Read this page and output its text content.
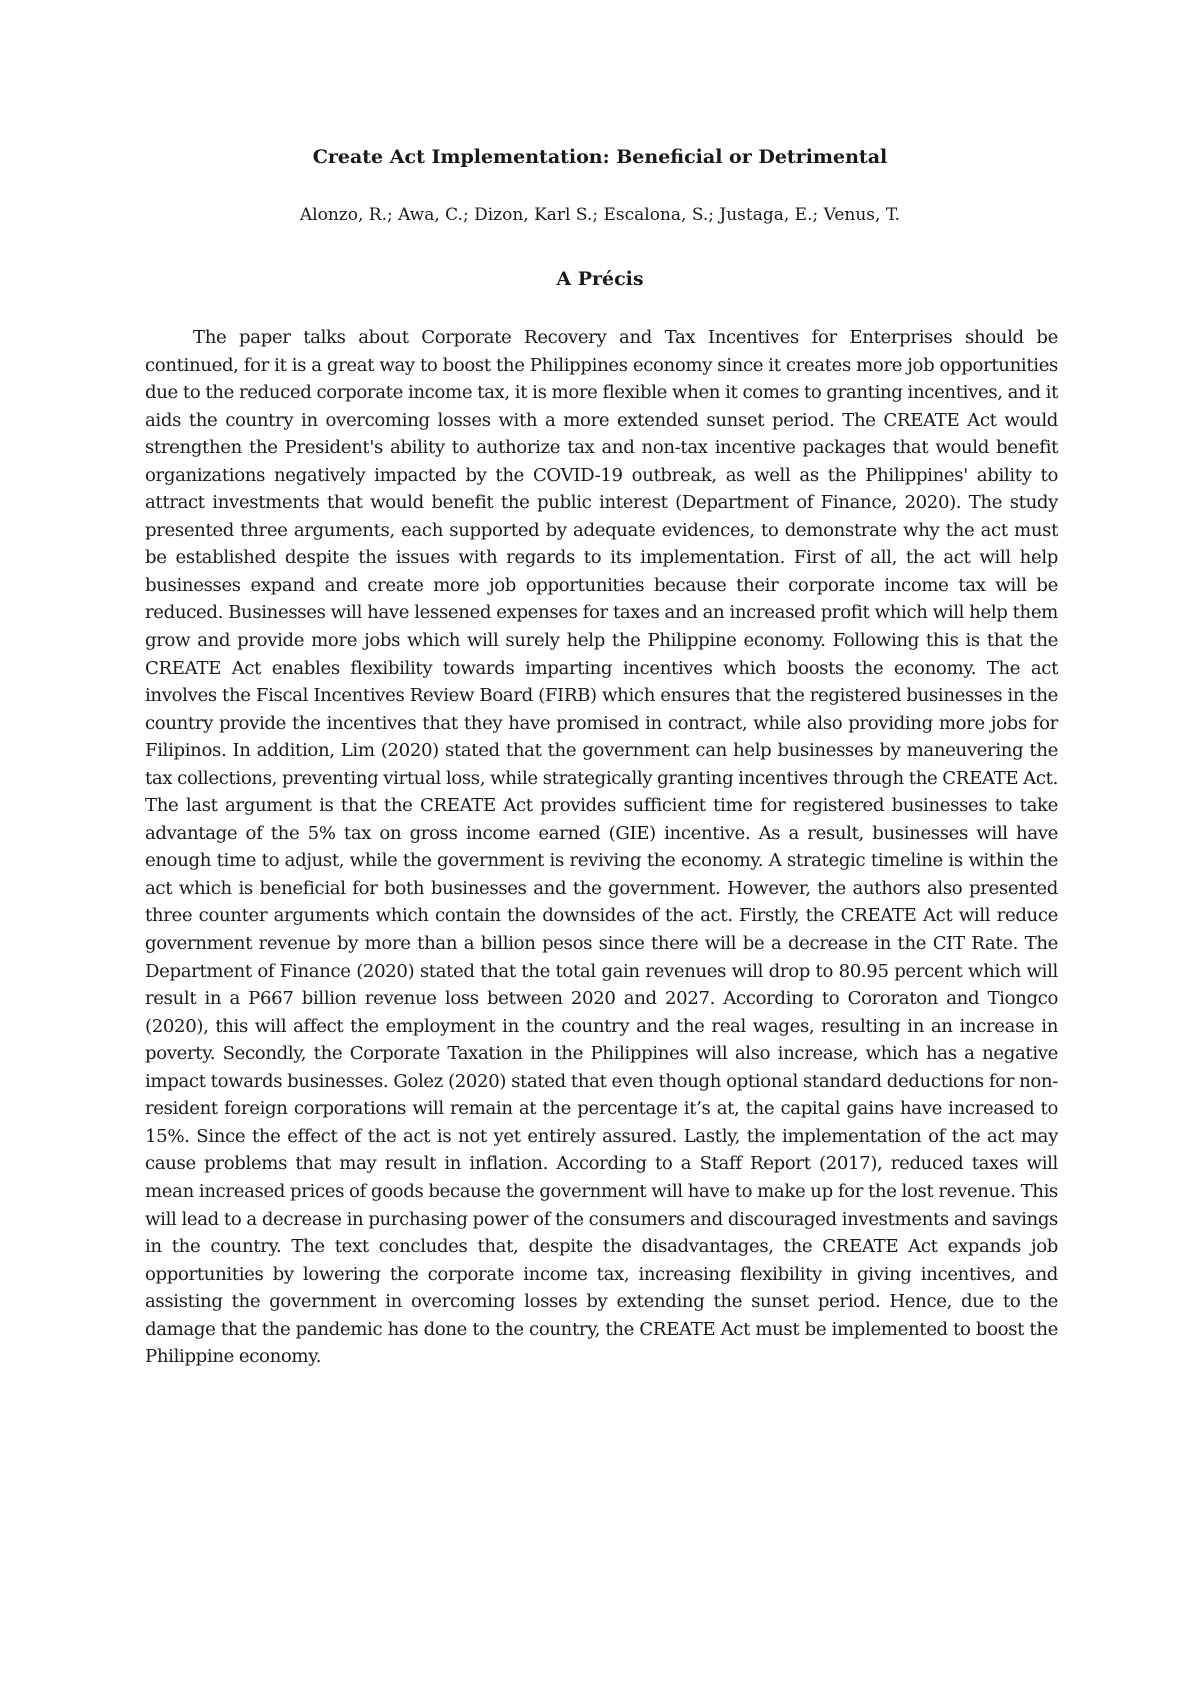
Create Act Implementation: Beneficial or Detrimental
Alonzo, R.; Awa, C.; Dizon, Karl S.; Escalona, S.; Justaga, E.; Venus, T.
A Précis

The paper talks about Corporate Recovery and Tax Incentives for Enterprises should be continued, for it is a great way to boost the Philippines economy since it creates more job opportunities due to the reduced corporate income tax, it is more flexible when it comes to granting incentives, and it aids the country in overcoming losses with a more extended sunset period. The CREATE Act would strengthen the President's ability to authorize tax and non-tax incentive packages that would benefit organizations negatively impacted by the COVID-19 outbreak, as well as the Philippines' ability to attract investments that would benefit the public interest (Department of Finance, 2020). The study presented three arguments, each supported by adequate evidences, to demonstrate why the act must be established despite the issues with regards to its implementation. First of all, the act will help businesses expand and create more job opportunities because their corporate income tax will be reduced. Businesses will have lessened expenses for taxes and an increased profit which will help them grow and provide more jobs which will surely help the Philippine economy. Following this is that the CREATE Act enables flexibility towards imparting incentives which boosts the economy. The act involves the Fiscal Incentives Review Board (FIRB) which ensures that the registered businesses in the country provide the incentives that they have promised in contract, while also providing more jobs for Filipinos. In addition, Lim (2020) stated that the government can help businesses by maneuvering the tax collections, preventing virtual loss, while strategically granting incentives through the CREATE Act. The last argument is that the CREATE Act provides sufficient time for registered businesses to take advantage of the 5% tax on gross income earned (GIE) incentive. As a result, businesses will have enough time to adjust, while the government is reviving the economy. A strategic timeline is within the act which is beneficial for both businesses and the government. However, the authors also presented three counter arguments which contain the downsides of the act. Firstly, the CREATE Act will reduce government revenue by more than a billion pesos since there will be a decrease in the CIT Rate. The Department of Finance (2020) stated that the total gain revenues will drop to 80.95 percent which will result in a P667 billion revenue loss between 2020 and 2027. According to Cororaton and Tiongco (2020), this will affect the employment in the country and the real wages, resulting in an increase in poverty. Secondly, the Corporate Taxation in the Philippines will also increase, which has a negative impact towards businesses. Golez (2020) stated that even though optional standard deductions for non-resident foreign corporations will remain at the percentage it’s at, the capital gains have increased to 15%. Since the effect of the act is not yet entirely assured. Lastly, the implementation of the act may cause problems that may result in inflation. According to a Staff Report (2017), reduced taxes will mean increased prices of goods because the government will have to make up for the lost revenue. This will lead to a decrease in purchasing power of the consumers and discouraged investments and savings in the country. The text concludes that, despite the disadvantages, the CREATE Act expands job opportunities by lowering the corporate income tax, increasing flexibility in giving incentives, and assisting the government in overcoming losses by extending the sunset period. Hence, due to the damage that the pandemic has done to the country, the CREATE Act must be implemented to boost the Philippine economy.
